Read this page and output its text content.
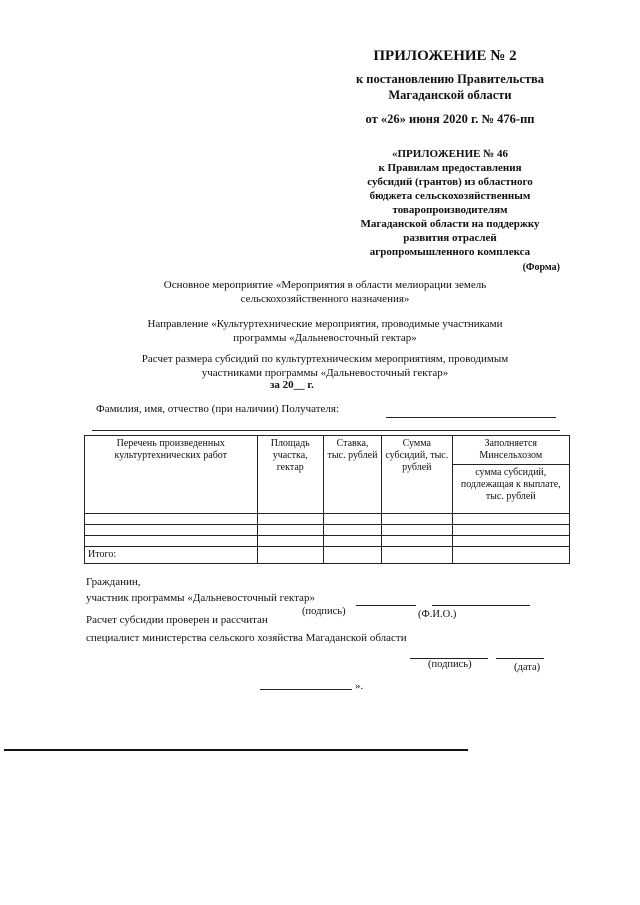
ПРИЛОЖЕНИЕ № 2
к постановлению Правительства
Магаданской области
от «26» июня 2020 г. № 476-пп
«ПРИЛОЖЕНИЕ № 46
к Правилам предоставления
субсидий (грантов) из областного
бюджета сельскохозяйственным
товаропроизводителям
Магаданской области на поддержку
развития отраслей
агропромышленного комплекса
(Форма)
Основное мероприятие «Мероприятия в области мелиорации земель
сельскохозяйственного назначения»
Направление «Культуртехнические мероприятия, проводимые участниками
программы «Дальневосточный гектар»
Расчет размера субсидий по культуртехническим мероприятиям, проводимым
участниками программы «Дальневосточный гектар»
за 20__ г.
Фамилия, имя, отчество (при наличии) Получателя:
Перечень произведенных культуртехнических работ	Площадь участка, гектар	Ставка, тыс. рублей	Сумма субсидий, тыс. рублей	Заполняется Минсельхозом
				сумма субсидий, подлежащая к выплате, тыс. рублей

Итого:				
Гражданин,
участник программы «Дальневосточный гектар»
(подпись)	(Ф.И.О.)
Расчет субсидии проверен и рассчитан
специалист министерства сельского хозяйства Магаданской области
(подпись)	(дата)
».
